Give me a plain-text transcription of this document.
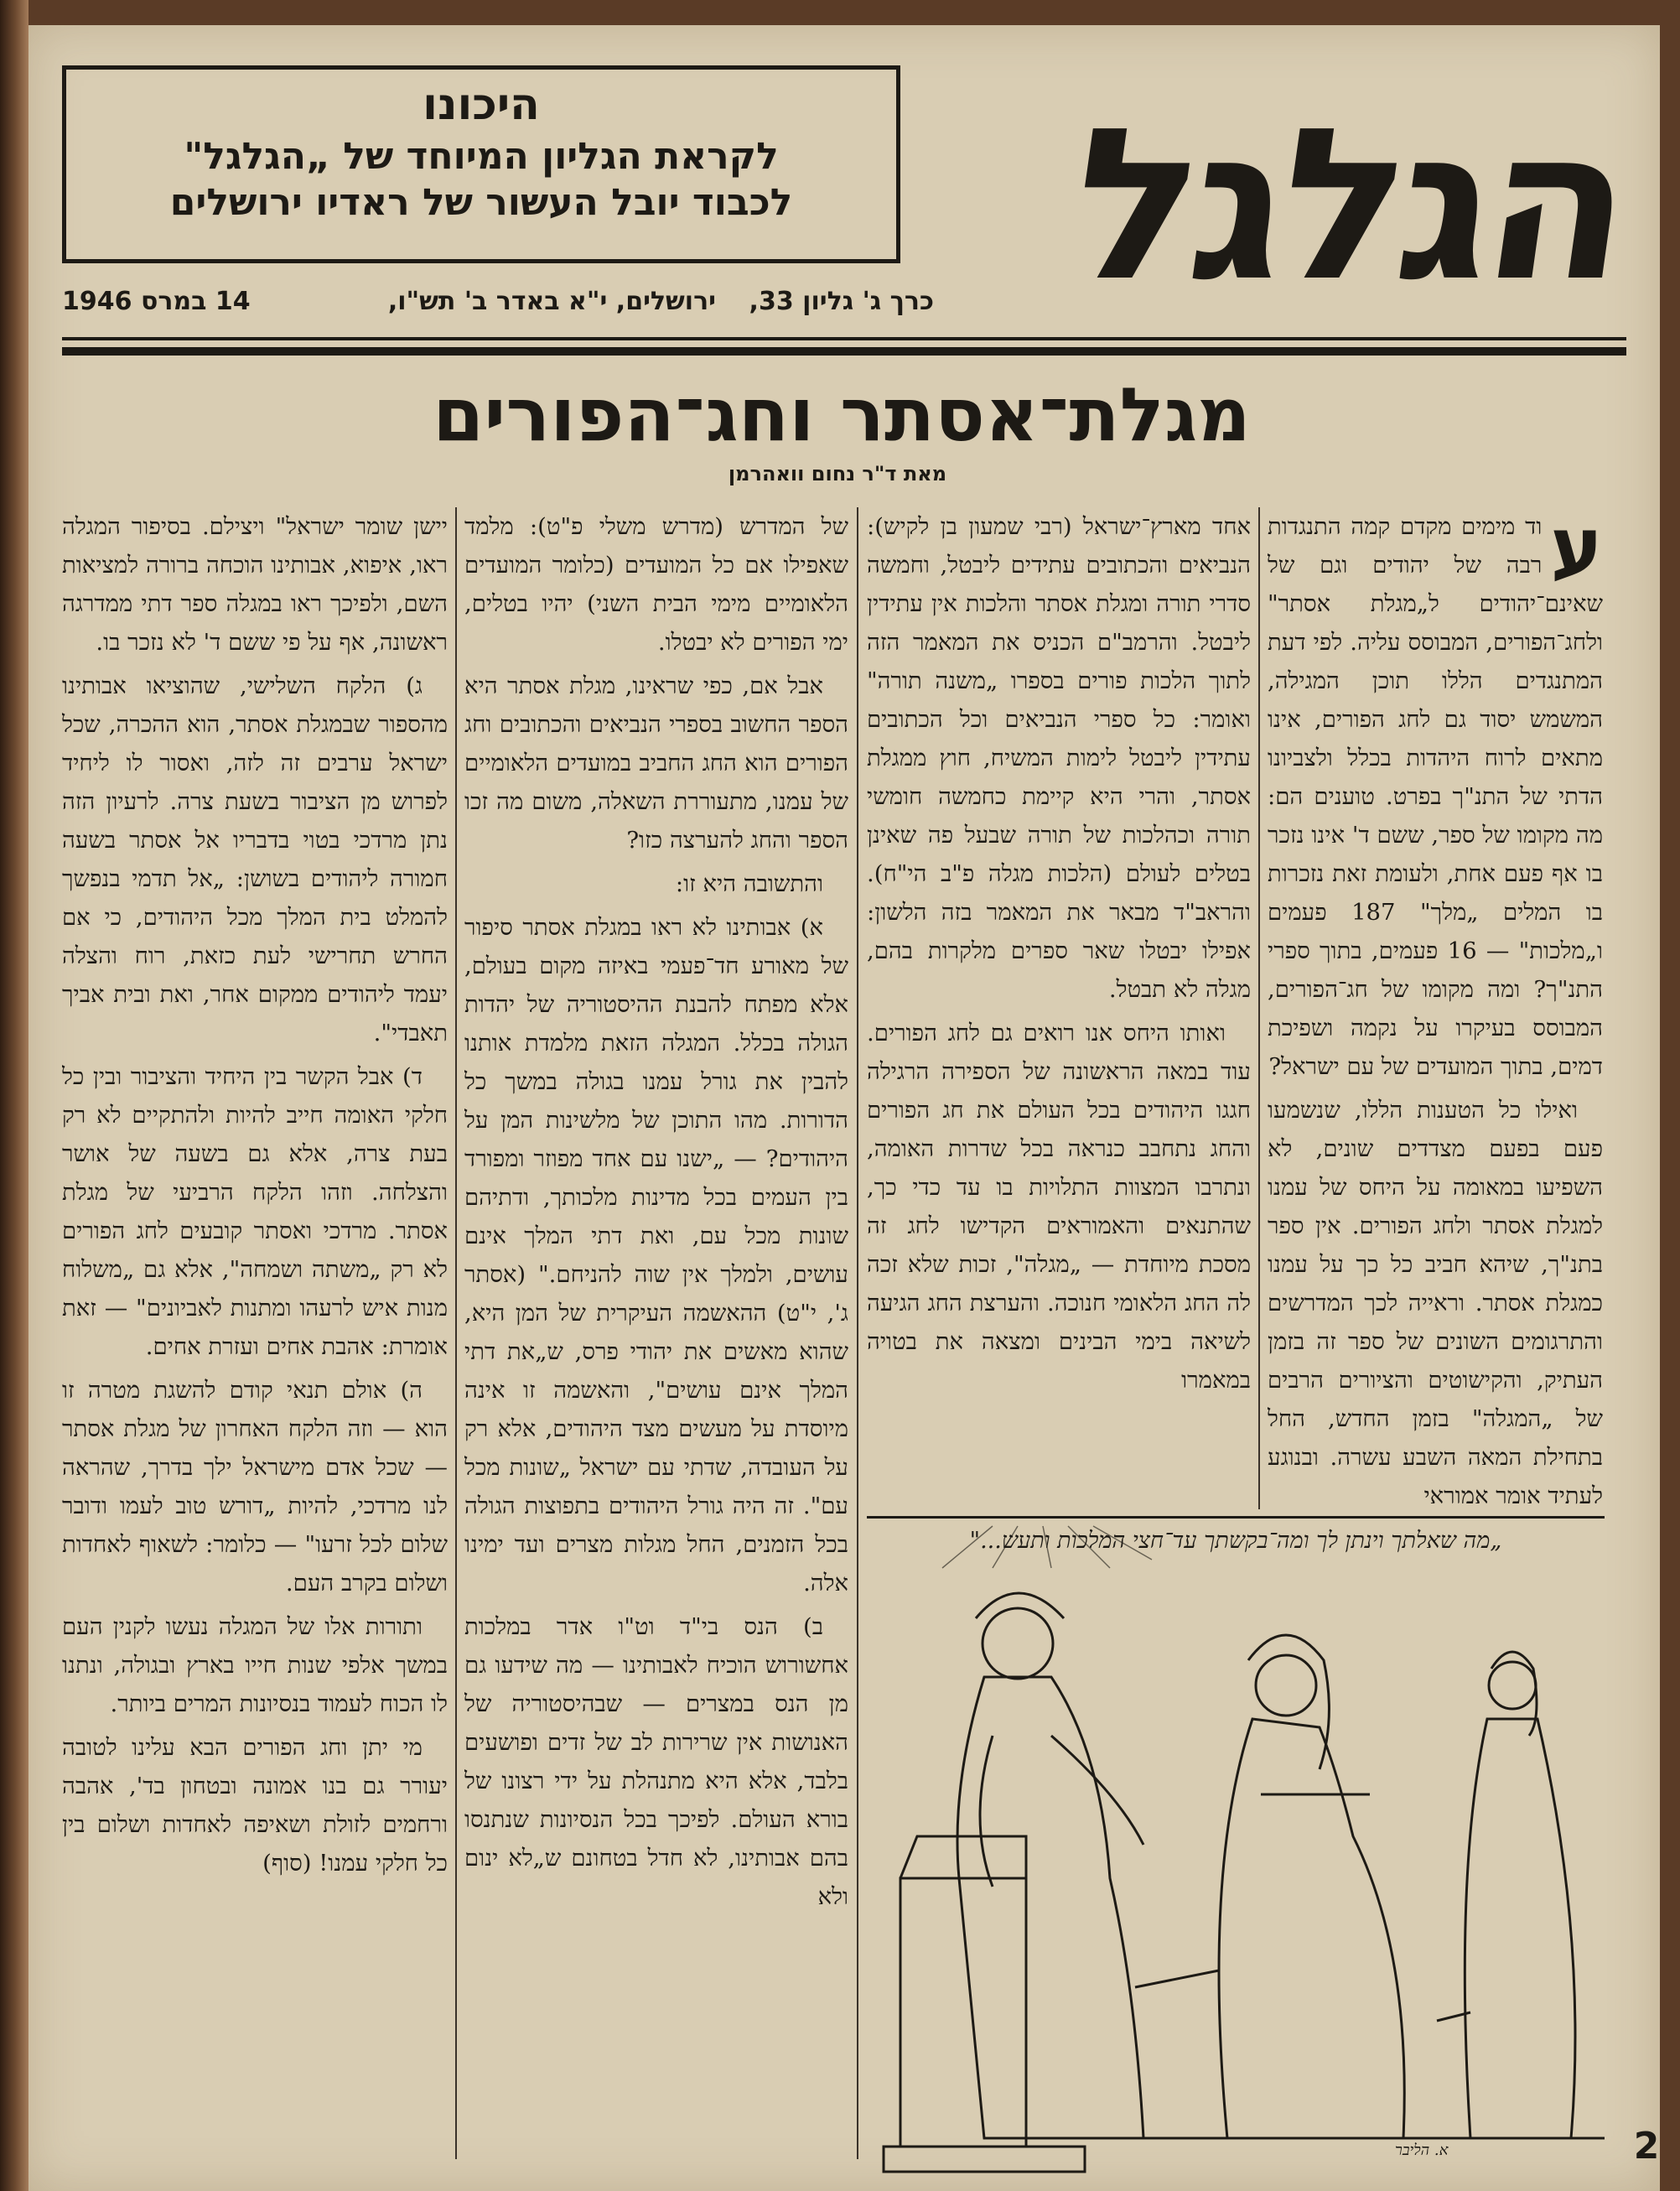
היכונו
לקראת הגליון המיוחד של „הגלגל"
לכבוד יובל העשור של ראדיו ירושלים	הגלגל
כרך ג' גליון 33,
ירושלים, י"א באדר ב' תש"ו,
14 במרס 1946
מגלת־אסתר וחג־הפורים
מאת ד"ר נחום וואהרמן

ע
וד מימים מקדם קמה התנגדות רבה של יהודים וגם של שאינם־יהודים ל„מגלת אסתר" ולחג־הפורים, המבוסס עליה. לפי דעת המתנגדים הללו תוכן המגילה, המשמש יסוד גם לחג הפורים, אינו מתאים לרוח היהדות בכלל ולצביונו הדתי של התנ"ך בפרט. טוענים הם: מה מקומו של ספר, ששם ד' אינו נזכר בו אף פעם אחת, ולעומת זאת נזכרות בו המלים „מלך" 187 פעמים ו„מלכות" — 16 פעמים, בתוך ספרי התנ"ך? ומה מקומו של חג־הפורים, המבוסס בעיקרו על נקמה ושפיכת דמים, בתוך המועדים של עם ישראל?

ואילו כל הטענות הללו, שנשמעו פעם בפעם מצדדים שונים, לא השפיעו במאומה על היחס של עמנו למגלת אסתר ולחג הפורים. אין ספר בתנ"ך, שיהא חביב כל כך על עמנו כמגלת אסתר. וראייה לכך המדרשים והתרגומים השונים של ספר זה בזמן העתיק, והקישוטים והציורים הרבים של „המגלה" בזמן החדש, החל בתחילת המאה השבע עשרה. ובנוגע לעתיד אומר אמוראי

אחד מארץ־ישראל (רבי שמעון בן לקיש): הנביאים והכתובים עתידים ליבטל, וחמשה סדרי תורה ומגלת אסתר והלכות אין עתידין ליבטל. והרמב"ם הכניס את המאמר הזה לתוך הלכות פורים בספרו „משנה תורה" ואומר: כל ספרי הנביאים וכל הכתובים עתידין ליבטל לימות המשיח, חוץ ממגלת אסתר, והרי היא קיימת כחמשה חומשי תורה וכהלכות של תורה שבעל פה שאינן בטלים לעולם (הלכות מגלה פ"ב הי"ח). והראב"ד מבאר את המאמר בזה הלשון: אפילו יבטלו שאר ספרים מלקרות בהם, מגלה לא תבטל.

ואותו היחס אנו רואים גם לחג הפורים. עוד במאה הראשונה של הספירה הרגילה חגגו היהודים בכל העולם את חג הפורים והחג נתחבב כנראה בכל שדרות האומה, ונתרבו המצוות התלויות בו עד כדי כך, שהתנאים והאמוראים הקדישו לחג זה מסכת מיוחדת — „מגלה", זכות שלא זכה לה החג הלאומי חנוכה. והערצת החג הגיעה לשיאה בימי הבינים ומצאה את בטויה במאמרו

של המדרש (מדרש משלי פ"ט): מלמד שאפילו אם כל המועדים (כלומר המועדים הלאומיים מימי הבית השני) יהיו בטלים, ימי הפורים לא יבטלו.

אבל אם, כפי שראינו, מגלת אסתר היא הספר החשוב בספרי הנביאים והכתובים וחג הפורים הוא החג החביב במועדים הלאומיים של עמנו, מתעוררת השאלה, משום מה זכו הספר והחג להערצה כזו?

והתשובה היא זו:

א) אבותינו לא ראו במגלת אסתר סיפור של מאורע חד־פעמי באיזה מקום בעולם, אלא מפתח להבנת ההיסטוריה של יהדות הגולה בכלל. המגלה הזאת מלמדת אותנו להבין את גורל עמנו בגולה במשך כל הדורות. מהו התוכן של מלשינות המן על היהודים? — „ישנו עם אחד מפוזר ומפורד בין העמים בכל מדינות מלכותך, ודתיהם שונות מכל עם, ואת דתי המלך אינם עושים, ולמלך אין שוה להניחם." (אסתר ג', י"ט) ההאשמה העיקרית של המן היא, שהוא מאשים את יהודי פרס, ש„את דתי המלך אינם עושים", והאשמה זו אינה מיוסדת על מעשים מצד היהודים, אלא רק על העובדה, שדתי עם ישראל „שונות מכל עם". זה היה גורל היהודים בתפוצות הגולה בכל הזמנים, החל מגלות מצרים ועד ימינו אלה.

ב) הנס בי"ד וט"ו אדר במלכות אחשורוש הוכיח לאבותינו — מה שידעו גם מן הנס במצרים — שבהיסטוריה של האנושות אין שרירות לב של זדים ופושעים בלבד, אלא היא מתנהלת על ידי רצונו של בורא העולם. לפיכך בכל הנסיונות שנתנסו בהם אבותינו, לא חדל בטחונם ש„לא ינום ולא

יישן שומר ישראל" ויצילם. בסיפור המגלה ראו, איפוא, אבותינו הוכחה ברורה למציאות השם, ולפיכך ראו במגלה ספר דתי ממדרגה ראשונה, אף על פי ששם ד' לא נזכר בו.

ג) הלקח השלישי, שהוציאו אבותינו מהספור שבמגלת אסתר, הוא ההכרה, שכל ישראל ערבים זה לזה, ואסור לו ליחיד לפרוש מן הציבור בשעת צרה. לרעיון הזה נתן מרדכי בטוי בדבריו אל אסתר בשעה חמורה ליהודים בשושן: „אל תדמי בנפשך להמלט בית המלך מכל היהודים, כי אם החרש תחרישי לעת כזאת, רוח והצלה יעמד ליהודים ממקום אחר, ואת ובית אביך תאבדי".

ד) אבל הקשר בין היחיד והציבור ובין כל חלקי האומה חייב להיות ולהתקיים לא רק בעת צרה, אלא גם בשעה של אושר והצלחה. וזהו הלקח הרביעי של מגלת אסתר. מרדכי ואסתר קובעים לחג הפורים לא רק „משתה ושמחה", אלא גם „משלוח מנות איש לרעהו ומתנות לאביונים" — זאת אומרת: אהבת אחים ועזרת אחים.

ה) אולם תנאי קודם להשגת מטרה זו הוא — וזה הלקח האחרון של מגלת אסתר — שכל אדם מישראל ילך בדרך, שהראה לנו מרדכי, להיות „דורש טוב לעמו ודובר שלום לכל זרעו" — כלומר: לשאוף לאחדות ושלום בקרב העם.

ותורות אלו של המגלה נעשו לקנין העם במשך אלפי שנות חייו בארץ ובגולה, ונתנו לו הכוח לעמוד בנסיונות המרים ביותר.

מי יתן וחג הפורים הבא עלינו לטובה יעורר גם בנו אמונה ובטחון בד', אהבה ורחמים לזולת ושאיפה לאחדות ושלום בין כל חלקי עמנו! (סוף)

„מה שאלתך וינתן לך ומה־בקשתך עד־חצי המלכות ותעש..."
א. הליבר	2
